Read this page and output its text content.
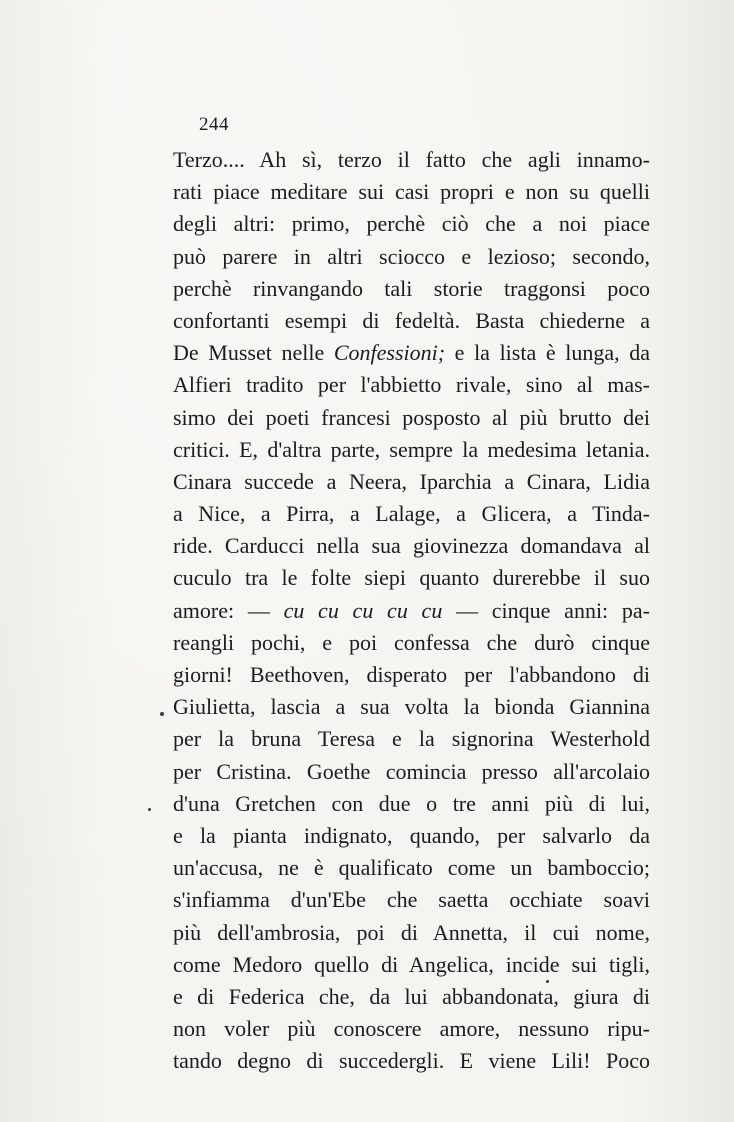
244
Terzo.... Ah sì, terzo il fatto che agli innamo-
rati piace meditare sui casi propri e non su quelli
degli altri: primo, perchè ciò che a noi piace
può parere in altri sciocco e lezioso; secondo,
perchè rinvangando tali storie traggonsi poco
confortanti esempi di fedeltà. Basta chiederne a
De Musset nelle Confessioni; e la lista è lunga, da
Alfieri tradito per l'abbietto rivale, sino al mas-
simo dei poeti francesi posposto al più brutto dei
critici. E, d'altra parte, sempre la medesima letania.
Cinara succede a Neera, Iparchia a Cinara, Lidia
a Nice, a Pirra, a Lalage, a Glicera, a Tinda-
ride. Carducci nella sua giovinezza domandava al
cuculo tra le folte siepi quanto durerebbe il suo
amore: — cu cu cu cu cu — cinque anni: pa-
reangli pochi, e poi confessa che durò cinque
giorni! Beethoven, disperato per l'abbandono di
Giulietta, lascia a sua volta la bionda Giannina
per la bruna Teresa e la signorina Westerhold
per Cristina. Goethe comincia presso all'arcolaio
d'una Gretchen con due o tre anni più di lui,
e la pianta indignato, quando, per salvarlo da
un'accusa, ne è qualificato come un bamboccio;
s'infiamma d'un'Ebe che saetta occhiate soavi
più dell'ambrosia, poi di Annetta, il cui nome,
come Medoro quello di Angelica, incide sui tigli,
e di Federica che, da lui abbandonata, giura di
non voler più conoscere amore, nessuno ripu-
tando degno di succedergli. E viene Lili! Poco
